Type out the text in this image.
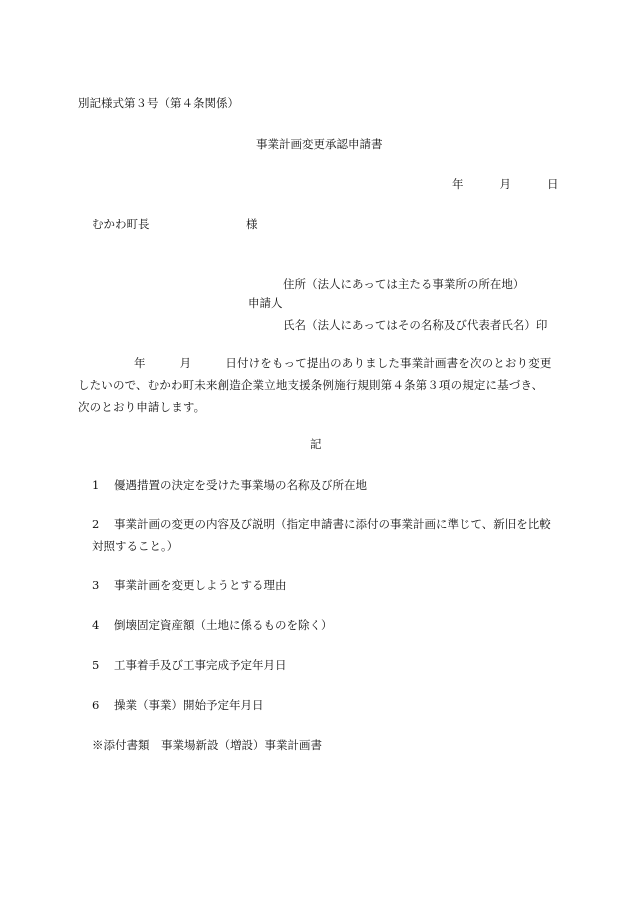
別記様式第３号（第４条関係）
事業計画変更承認申請書
年	月	日
むかわ町長	様
住所（法人にあっては主たる事業所の所在地）
申請人
氏名（法人にあってはその名称及び代表者氏名）印
年	月	日付けをもって提出のありました事業計画書を次のとおり変更したいので、むかわ町未来創造企業立地支援条例施行規則第４条第３項の規定に基づき、次のとおり申請します。
記
1 優遇措置の決定を受けた事業場の名称及び所在地
2 事業計画の変更の内容及び説明（指定申請書に添付の事業計画に準じて、新旧を比較対照すること。）
3 事業計画を変更しようとする理由
4 倒壊固定資産額（土地に係るものを除く）
5 工事着手及び工事完成予定年月日
6 操業（事業）開始予定年月日
※添付書類　事業場新設（増設）事業計画書
